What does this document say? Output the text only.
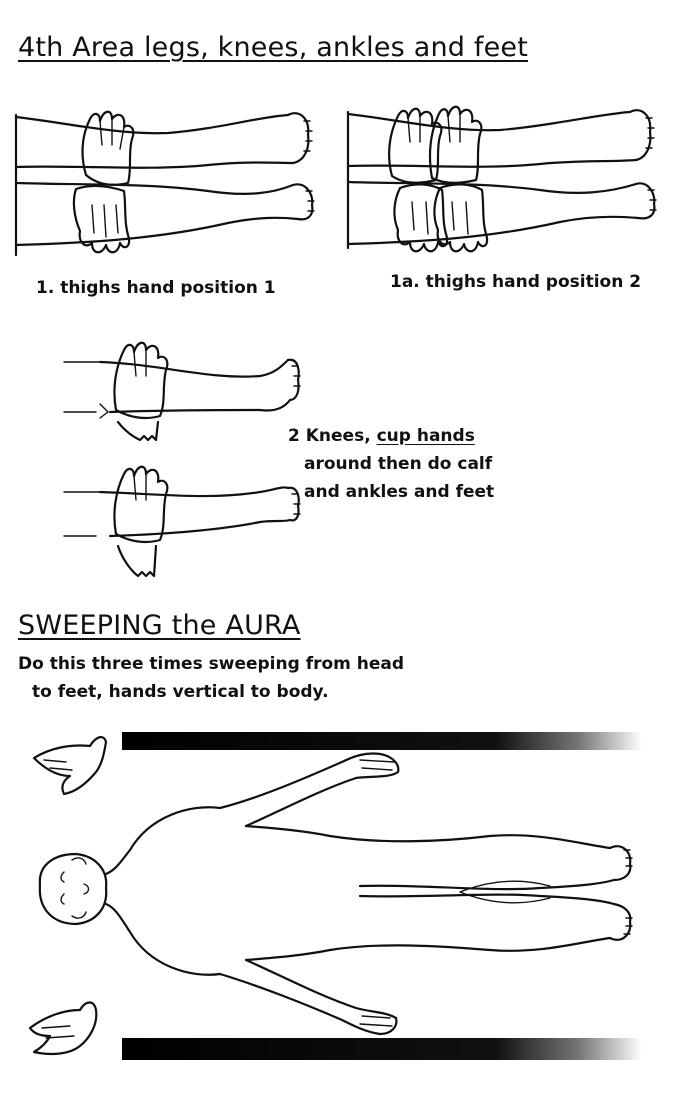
4th Area legs, knees, ankles and feet

1. thighs hand position 1	1a. thighs hand position 2

2 Knees, cup hands
around then do calf
and ankles and feet

SWEEPING the AURA

Do this three times sweeping from head
to feet, hands vertical to body.
